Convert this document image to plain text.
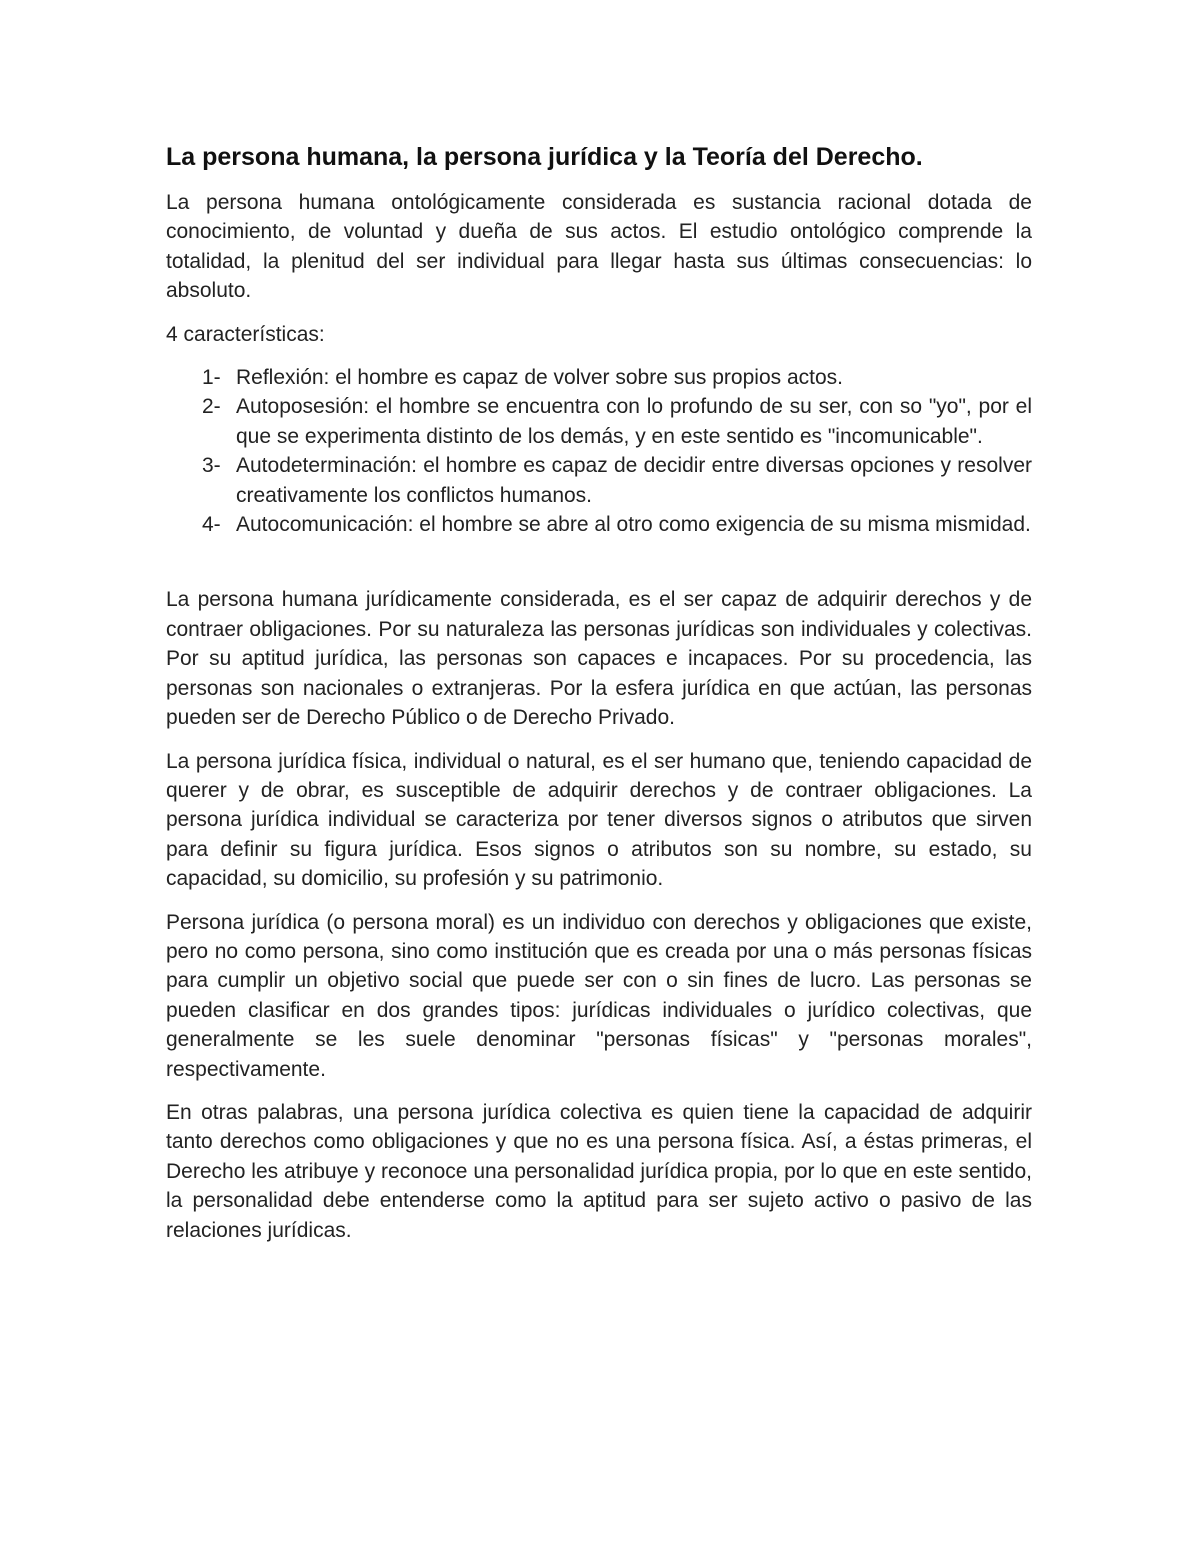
La persona humana, la persona jurídica y la Teoría del Derecho.

La persona humana ontológicamente considerada es sustancia racional dotada de conocimiento, de voluntad y dueña de sus actos. El estudio ontológico comprende la totalidad, la plenitud del ser individual para llegar hasta sus últimas consecuencias: lo absoluto.

4 características:

1- Reflexión: el hombre es capaz de volver sobre sus propios actos.
2- Autoposesión: el hombre se encuentra con lo profundo de su ser, con so "yo", por el que se experimenta distinto de los demás, y en este sentido es "incomunicable".
3- Autodeterminación: el hombre es capaz de decidir entre diversas opciones y resolver creativamente los conflictos humanos.
4- Autocomunicación: el hombre se abre al otro como exigencia de su misma mismidad.

La persona humana jurídicamente considerada, es el ser capaz de adquirir derechos y de contraer obligaciones. Por su naturaleza las personas jurídicas son individuales y colectivas. Por su aptitud jurídica, las personas son capaces e incapaces. Por su procedencia, las personas son nacionales o extranjeras. Por la esfera jurídica en que actúan, las personas pueden ser de Derecho Público o de Derecho Privado.

La persona jurídica física, individual o natural, es el ser humano que, teniendo capacidad de querer y de obrar, es susceptible de adquirir derechos y de contraer obligaciones. La persona jurídica individual se caracteriza por tener diversos signos o atributos que sirven para definir su figura jurídica. Esos signos o atributos son su nombre, su estado, su capacidad, su domicilio, su profesión y su patrimonio.

Persona jurídica (o persona moral) es un individuo con derechos y obligaciones que existe, pero no como persona, sino como institución que es creada por una o más personas físicas para cumplir un objetivo social que puede ser con o sin fines de lucro. Las personas se pueden clasificar en dos grandes tipos: jurídicas individuales o jurídico colectivas, que generalmente se les suele denominar "personas físicas" y "personas morales", respectivamente.

En otras palabras, una persona jurídica colectiva es quien tiene la capacidad de adquirir tanto derechos como obligaciones y que no es una persona física. Así, a éstas primeras, el Derecho les atribuye y reconoce una personalidad jurídica propia, por lo que en este sentido, la personalidad debe entenderse como la aptitud para ser sujeto activo o pasivo de las relaciones jurídicas.
